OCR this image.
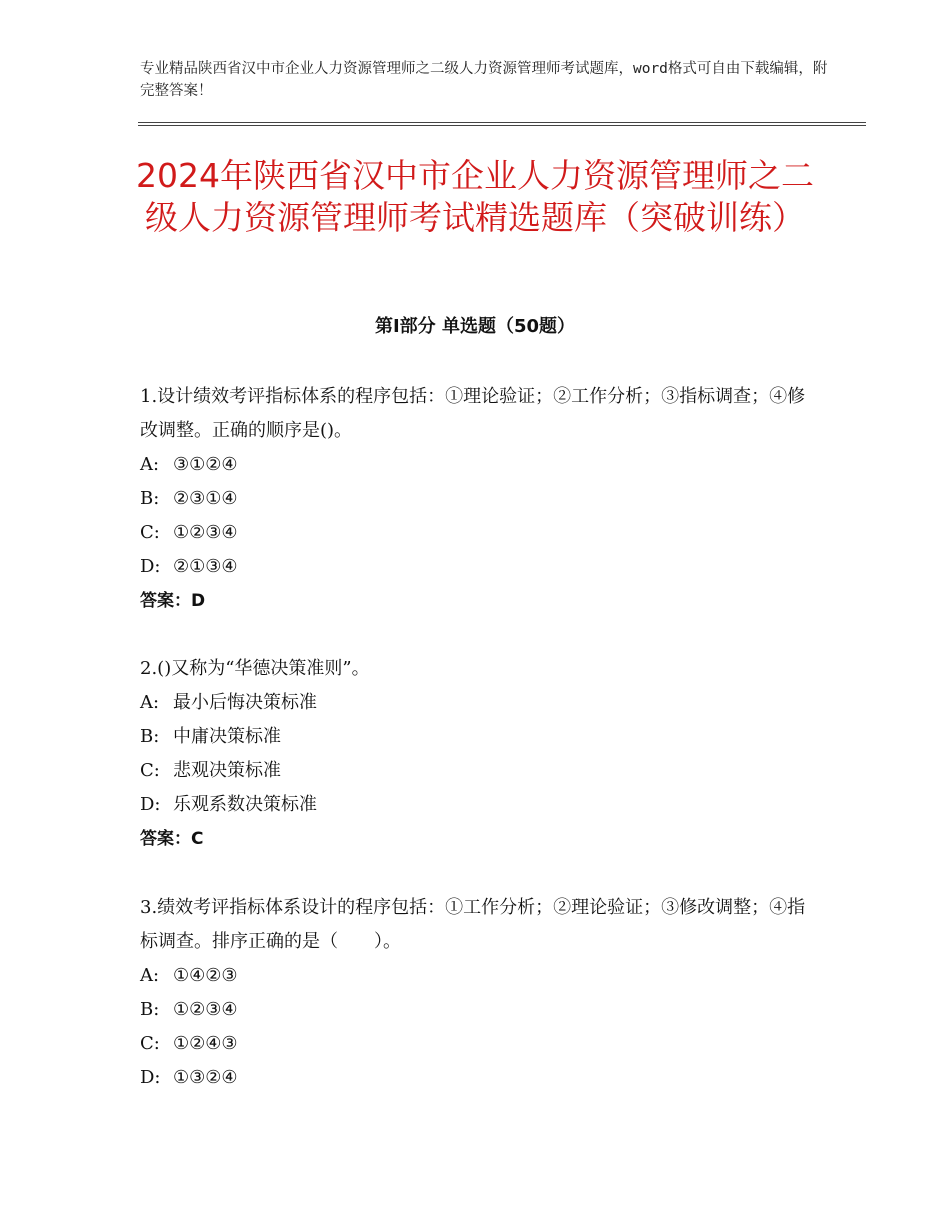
专业精品陕西省汉中市企业人力资源管理师之二级人力资源管理师考试题库，word格式可自由下载编辑，附完整答案！

2024年陕西省汉中市企业人力资源管理师之二级人力资源管理师考试精选题库（突破训练）
第Ⅰ部分 单选题（50题）

1.设计绩效考评指标体系的程序包括：①理论验证；②工作分析；③指标调查；④修改调整。正确的顺序是()。

A: ③①②④

B: ②③①④

C: ①②③④

D: ②①③④

答案：D

2.()又称为“华德决策准则”。

A: 最小后悔决策标准

B: 中庸决策标准

C: 悲观决策标准

D: 乐观系数决策标准

答案：C

3.绩效考评指标体系设计的程序包括：①工作分析；②理论验证；③修改调整；④指标调查。排序正确的是（　　）。

A: ①④②③

B: ①②③④

C: ①②④③

D: ①③②④
